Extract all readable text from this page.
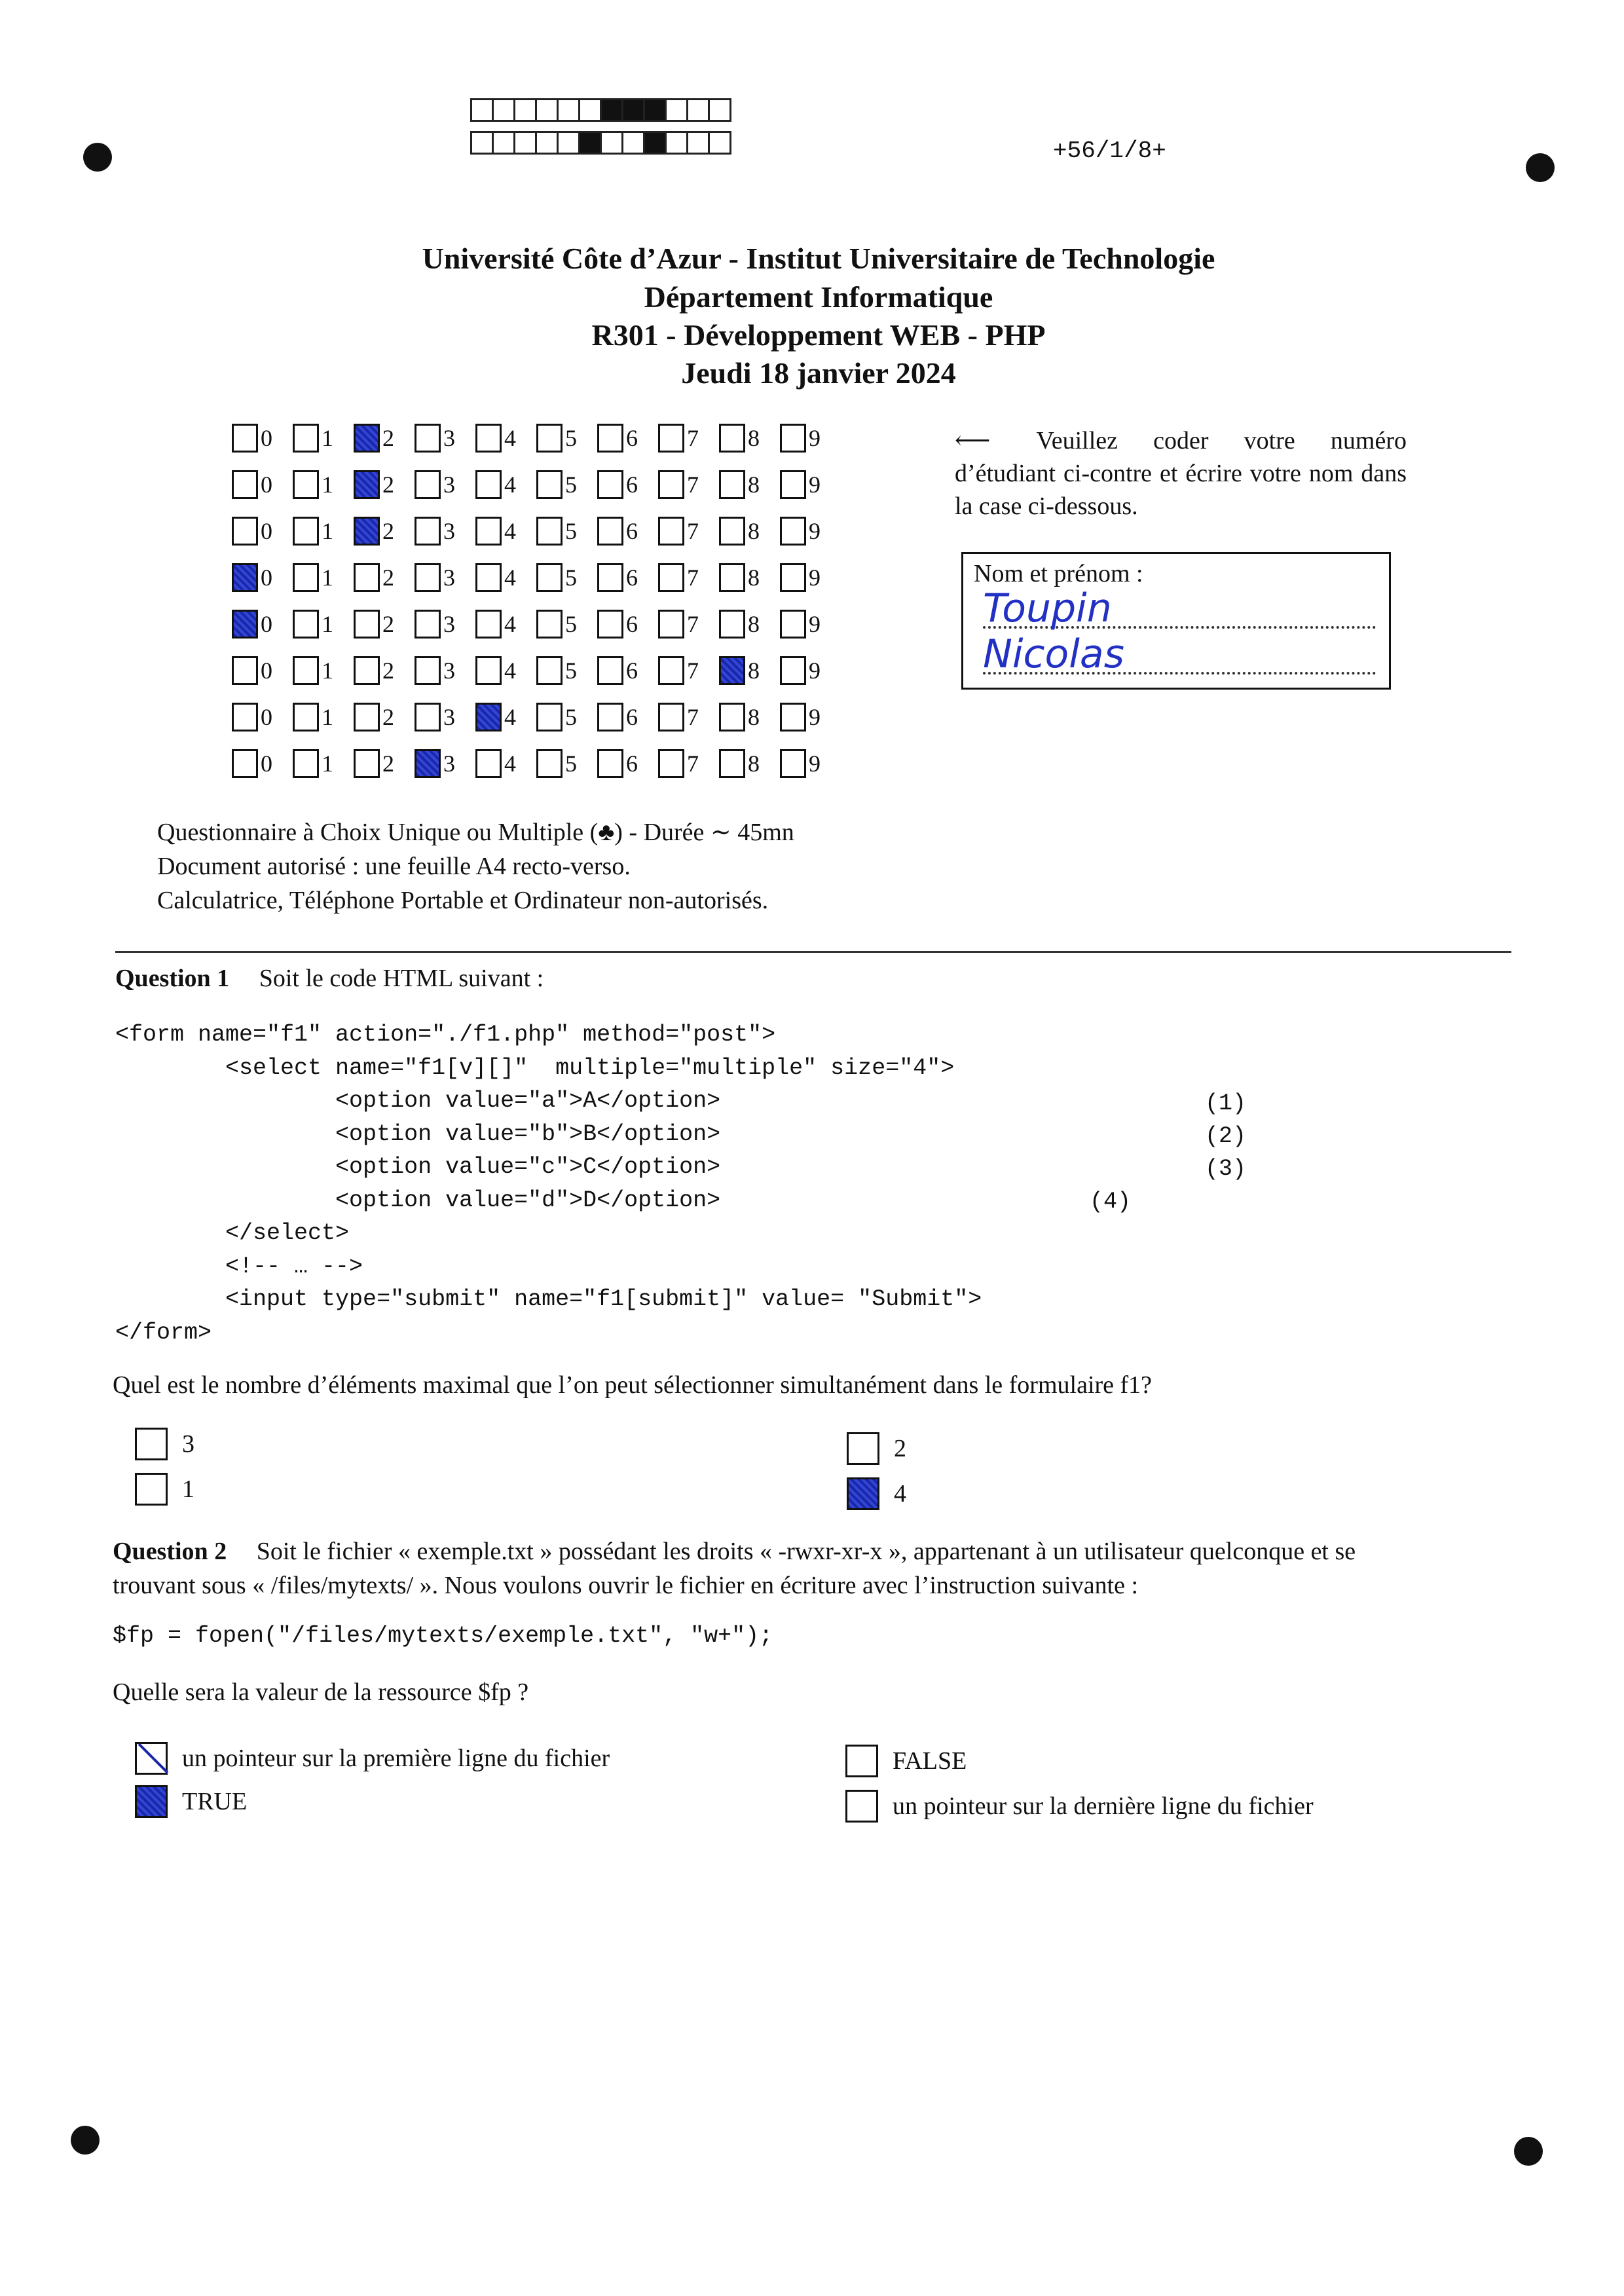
+56/1/8+
Université Côte d’Azur - Institut Universitaire de Technologie
Département Informatique
R301 - Développement WEB - PHP
Jeudi 18 janvier 2024
0 1 2 3 4 5 6 7 8 9
0 1 2 3 4 5 6 7 8 9
0 1 2 3 4 5 6 7 8 9
0 1 2 3 4 5 6 7 8 9
0 1 2 3 4 5 6 7 8 9
0 1 2 3 4 5 6 7 8 9
0 1 2 3 4 5 6 7 8 9
0 1 2 3 4 5 6 7 8 9
⟵ Veuillez coder votre numéro d’étudiant ci-contre et écrire votre nom dans la case ci-dessous.
Nom et prénom :
Toupin
Nicolas
Questionnaire à Choix Unique ou Multiple (♣) - Durée ∼ 45mn
Document autorisé : une feuille A4 recto-verso.
Calculatrice, Téléphone Portable et Ordinateur non-autorisés.
Question 1 Soit le code HTML suivant :
<form name="f1" action="./f1.php" method="post">
<select name="f1[v][]"  multiple="multiple" size="4">
<option value="a">A</option>
<option value="b">B</option>
<option value="c">C</option>
<option value="d">D</option>
</select>
<!-- … -->
<input type="submit" name="f1[submit]" value= "Submit">
</form>
(1)
(2)
(3)
(4)
Quel est le nombre d’éléments maximal que l’on peut sélectionner simultanément dans le formulaire f1?
3
1
2
4
Question 2 Soit le fichier « exemple.txt » possédant les droits « -rwxr-xr-x », appartenant à un utilisateur quelconque et se
trouvant sous « /files/mytexts/ ». Nous voulons ouvrir le fichier en écriture avec l’instruction suivante :
$fp = fopen("/files/mytexts/exemple.txt", "w+");
Quelle sera la valeur de la ressource $fp ?
un pointeur sur la première ligne du fichier
TRUE
FALSE
un pointeur sur la dernière ligne du fichier
